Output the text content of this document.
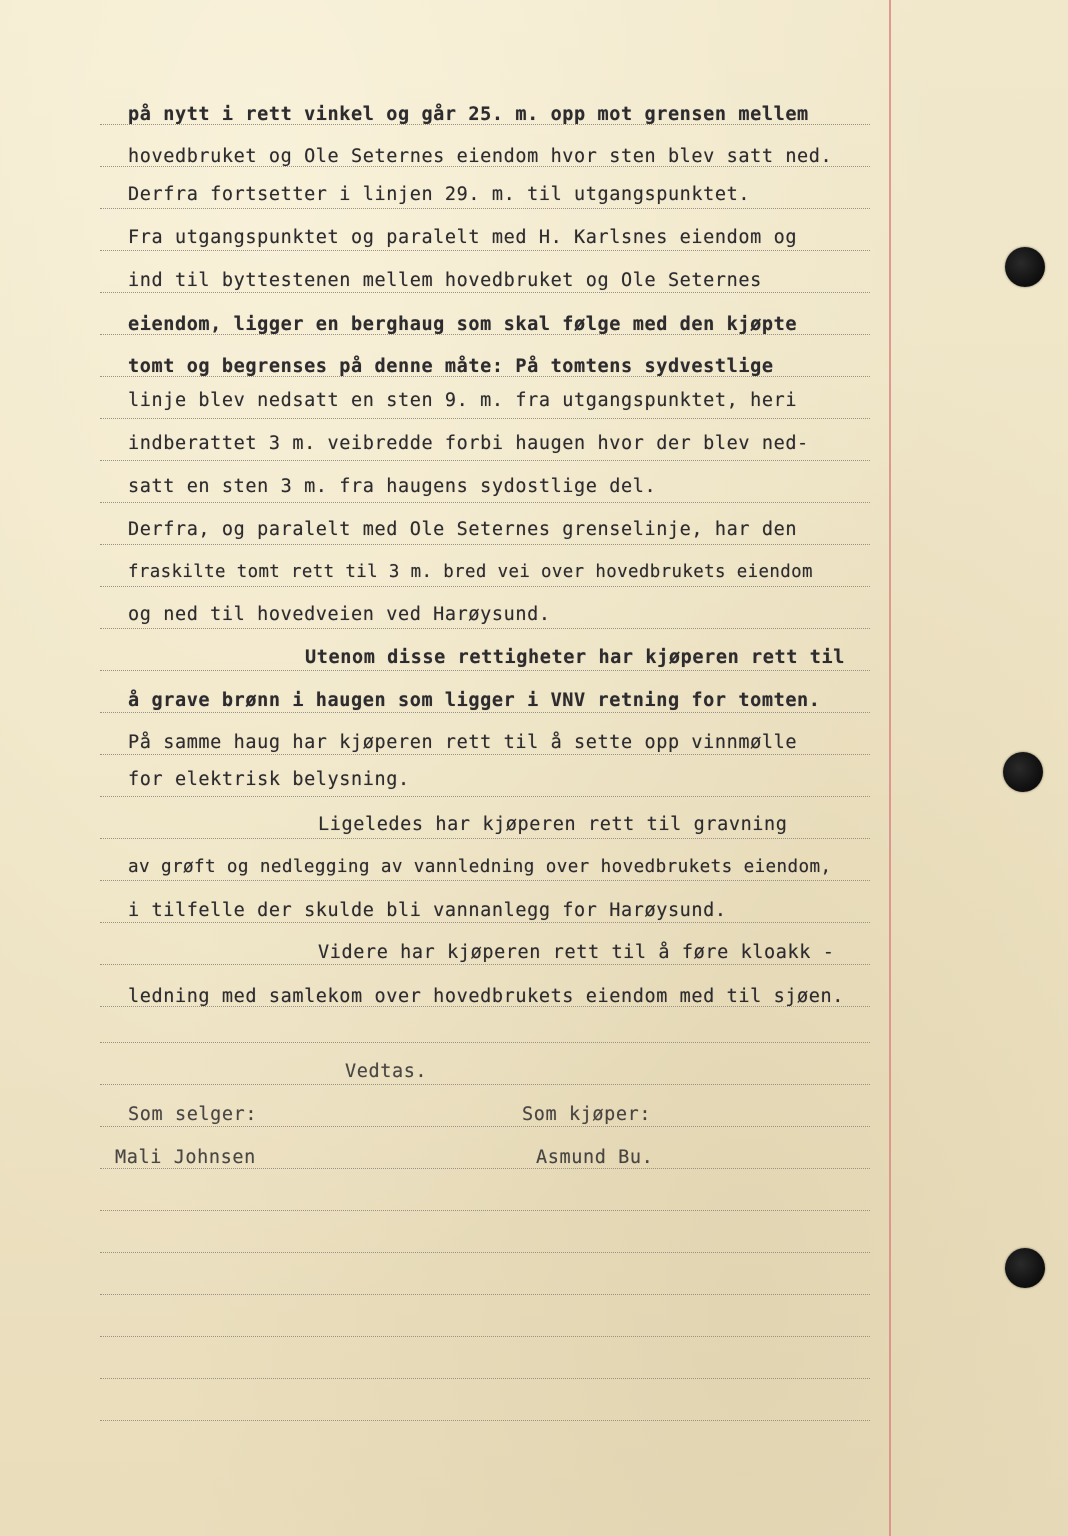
på nytt i rett vinkel og går 25. m. opp mot grensen mellem
hovedbruket og Ole Seternes eiendom hvor sten blev satt ned.
Derfra fortsetter i linjen 29. m. til utgangspunktet.
Fra utgangspunktet og paralelt med H. Karlsnes eiendom og
ind til byttestenen mellem hovedbruket og Ole Seternes
eiendom, ligger en berghaug som skal følge med den kjøpte
tomt og begrenses på denne måte: På tomtens sydvestlige
linje blev nedsatt en sten 9. m. fra utgangspunktet, heri
indberattet 3 m. veibredde forbi haugen hvor der blev ned-
satt en sten 3 m. fra haugens sydostlige del.
Derfra, og paralelt med Ole Seternes grenselinje, har den
fraskilte tomt rett til 3 m. bred vei over hovedbrukets eiendom
og ned til hovedveien ved Harøysund.
Utenom disse rettigheter har kjøperen rett til
å grave brønn i haugen som ligger i VNV retning for tomten.
På samme haug har kjøperen rett til å sette opp vinnmølle
for elektrisk belysning.
Ligeledes har kjøperen rett til gravning
av grøft og nedlegging av vannledning over hovedbrukets eiendom,
i tilfelle der skulde bli vannanlegg for Harøysund.
Videre har kjøperen rett til å føre kloakk -
ledning med samlekom over hovedbrukets eiendom med til sjøen.
Vedtas.
Som selger:	Som kjøper:
Mali Johnsen	Asmund Bu.
